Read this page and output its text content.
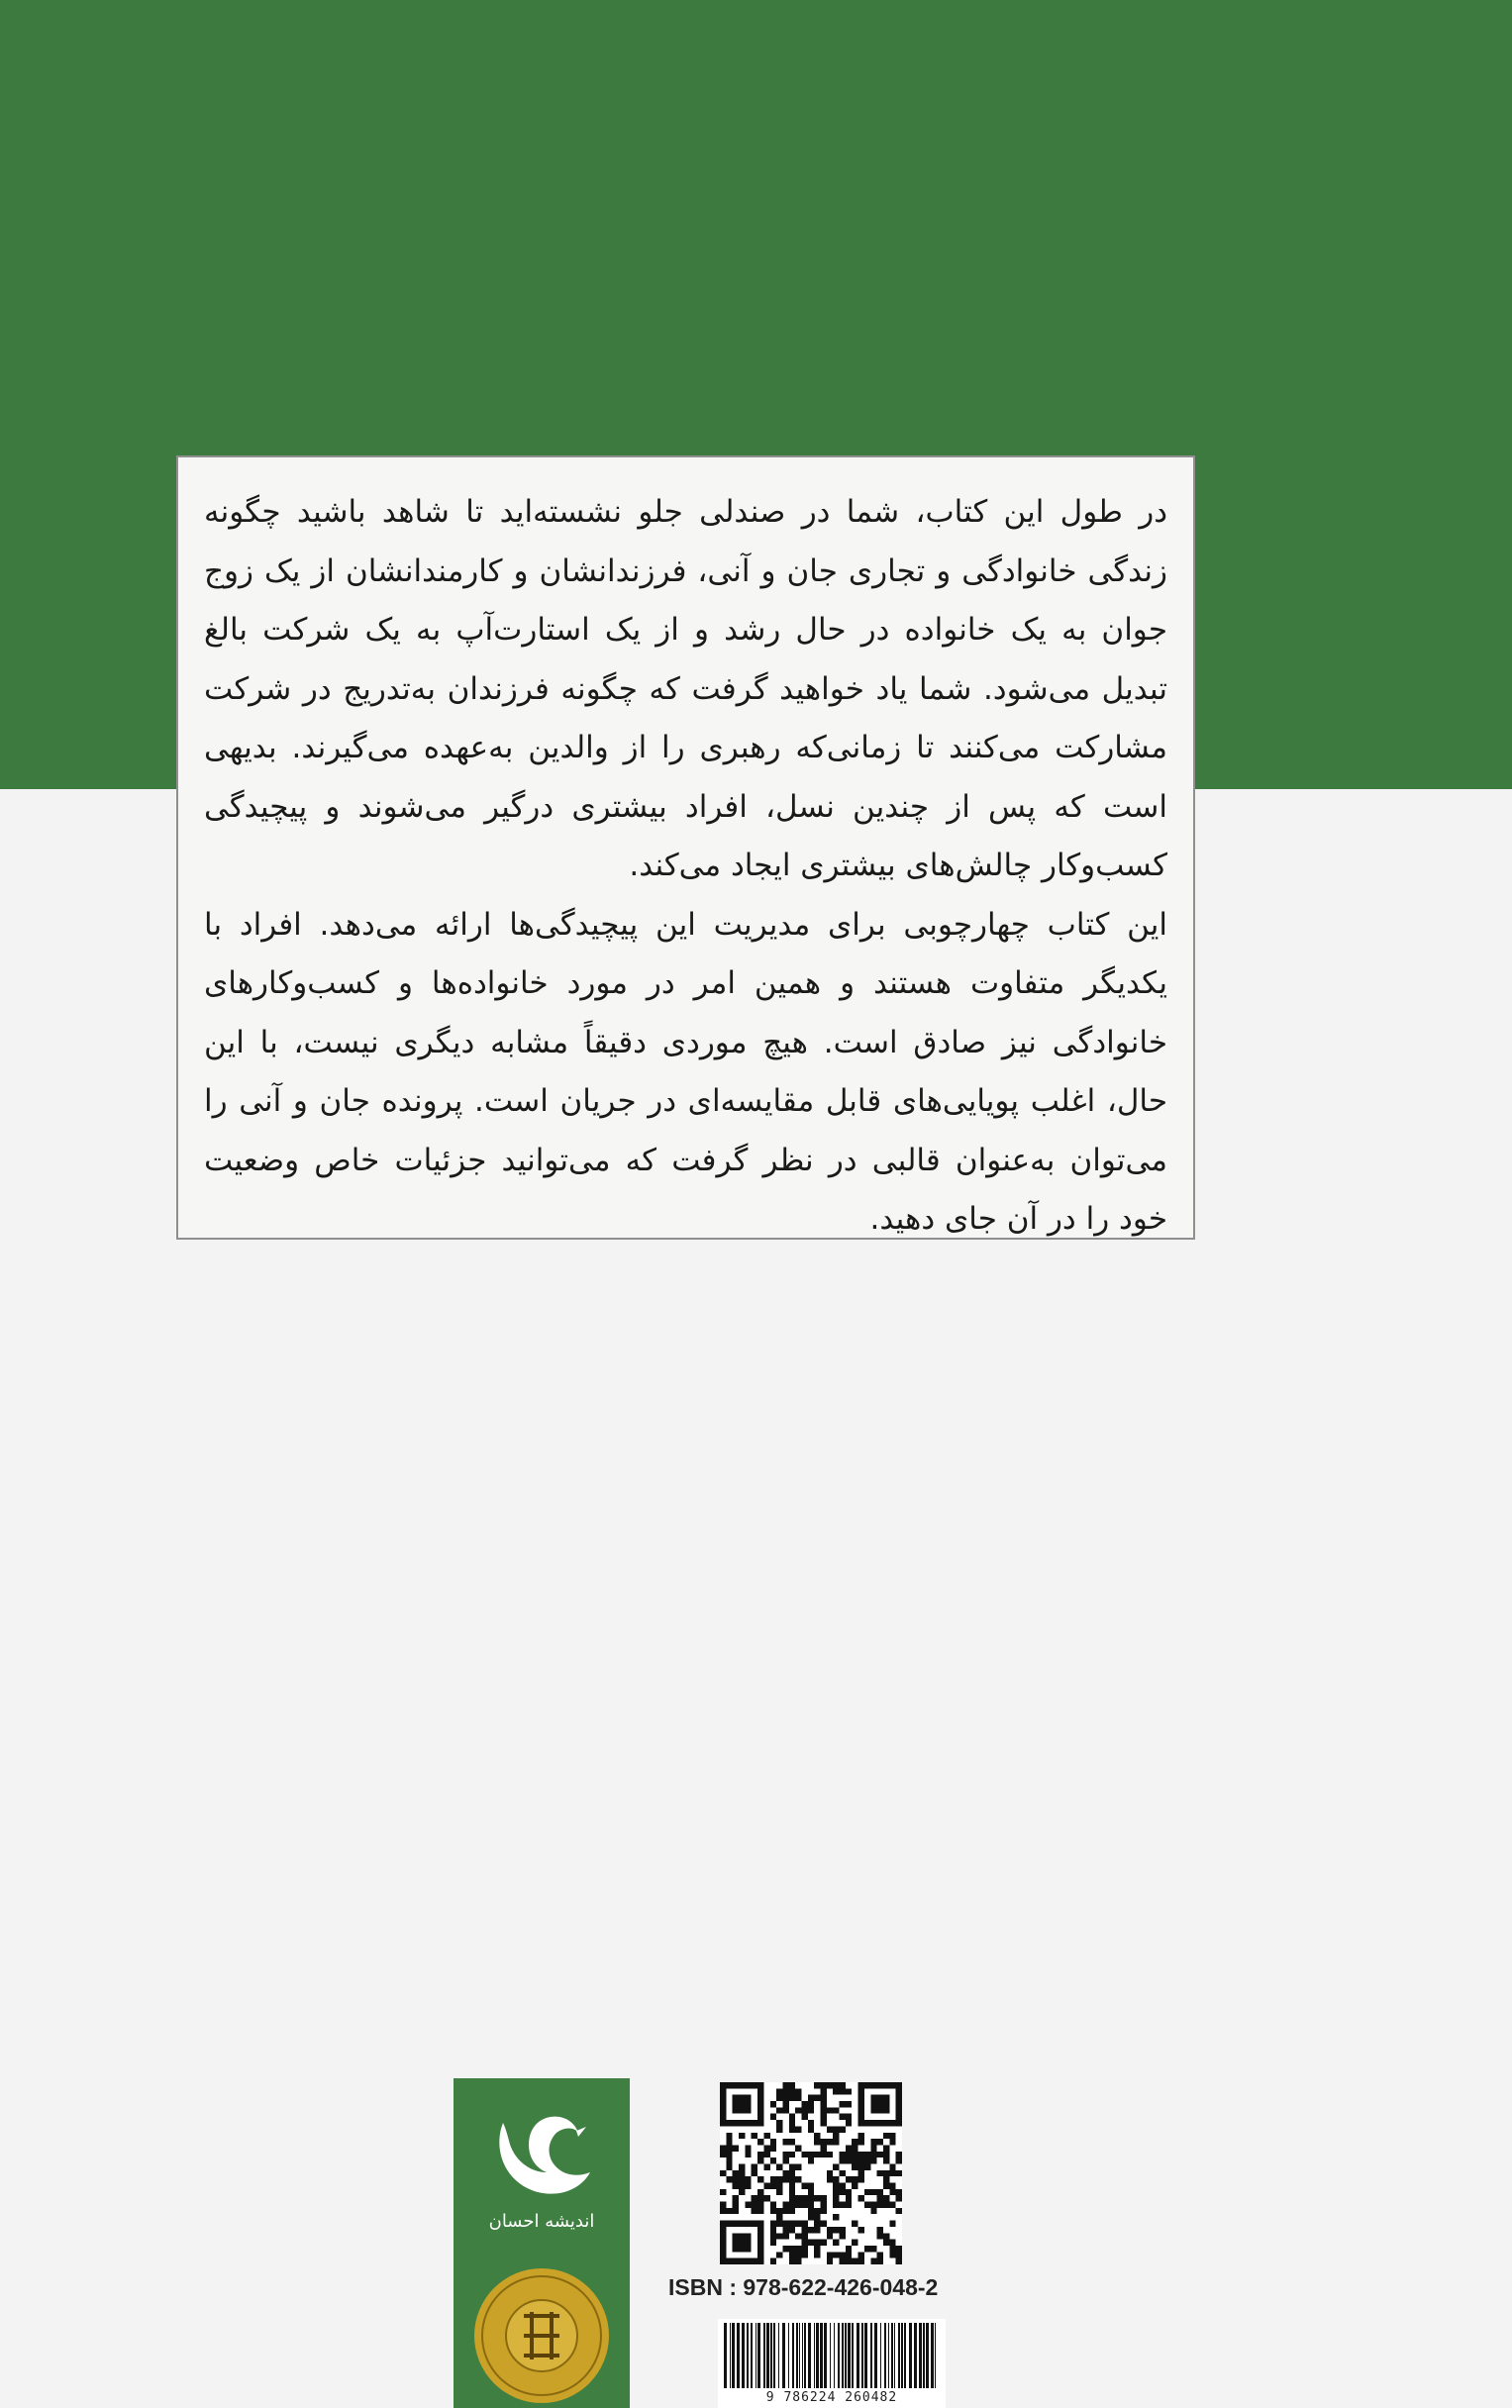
در طول این کتاب، شما در صندلی جلو نشسته‌اید تا شاهد باشید چگونه زندگی خانوادگی و تجاری جان و آنی، فرزندانشان و کارمندانشان از یک زوج جوان به یک خانواده در حال رشد و از یک استارت‌آپ به یک شرکت بالغ تبدیل می‌شود. شما یاد خواهید گرفت که چگونه فرزندان به‌تدریج در شرکت مشارکت می‌کنند تا زمانی‌که رهبری را از والدین به‌عهده می‌گیرند. بدیهی است که پس از چندین نسل، افراد بیشتری درگیر می‌شوند و پیچیدگی کسب‌وکار چالش‌های بیشتری ایجاد می‌کند.

این کتاب چهارچوبی برای مدیریت این پیچیدگی‌ها ارائه می‌دهد. افراد با یکدیگر متفاوت هستند و همین امر در مورد خانواده‌ها و کسب‌وکارهای خانوادگی نیز صادق است. هیچ موردی دقیقاً مشابه دیگری نیست، با این حال، اغلب پویایی‌های قابل مقایسه‌ای در جریان است. پرونده جان و آنی را می‌توان به‌عنوان قالبی در نظر گرفت که می‌توانید جزئیات خاص وضعیت خود را در آن جای دهید.

اندیشه احسان
ISBN : 978-622-426-048-2
9 786224 260482
